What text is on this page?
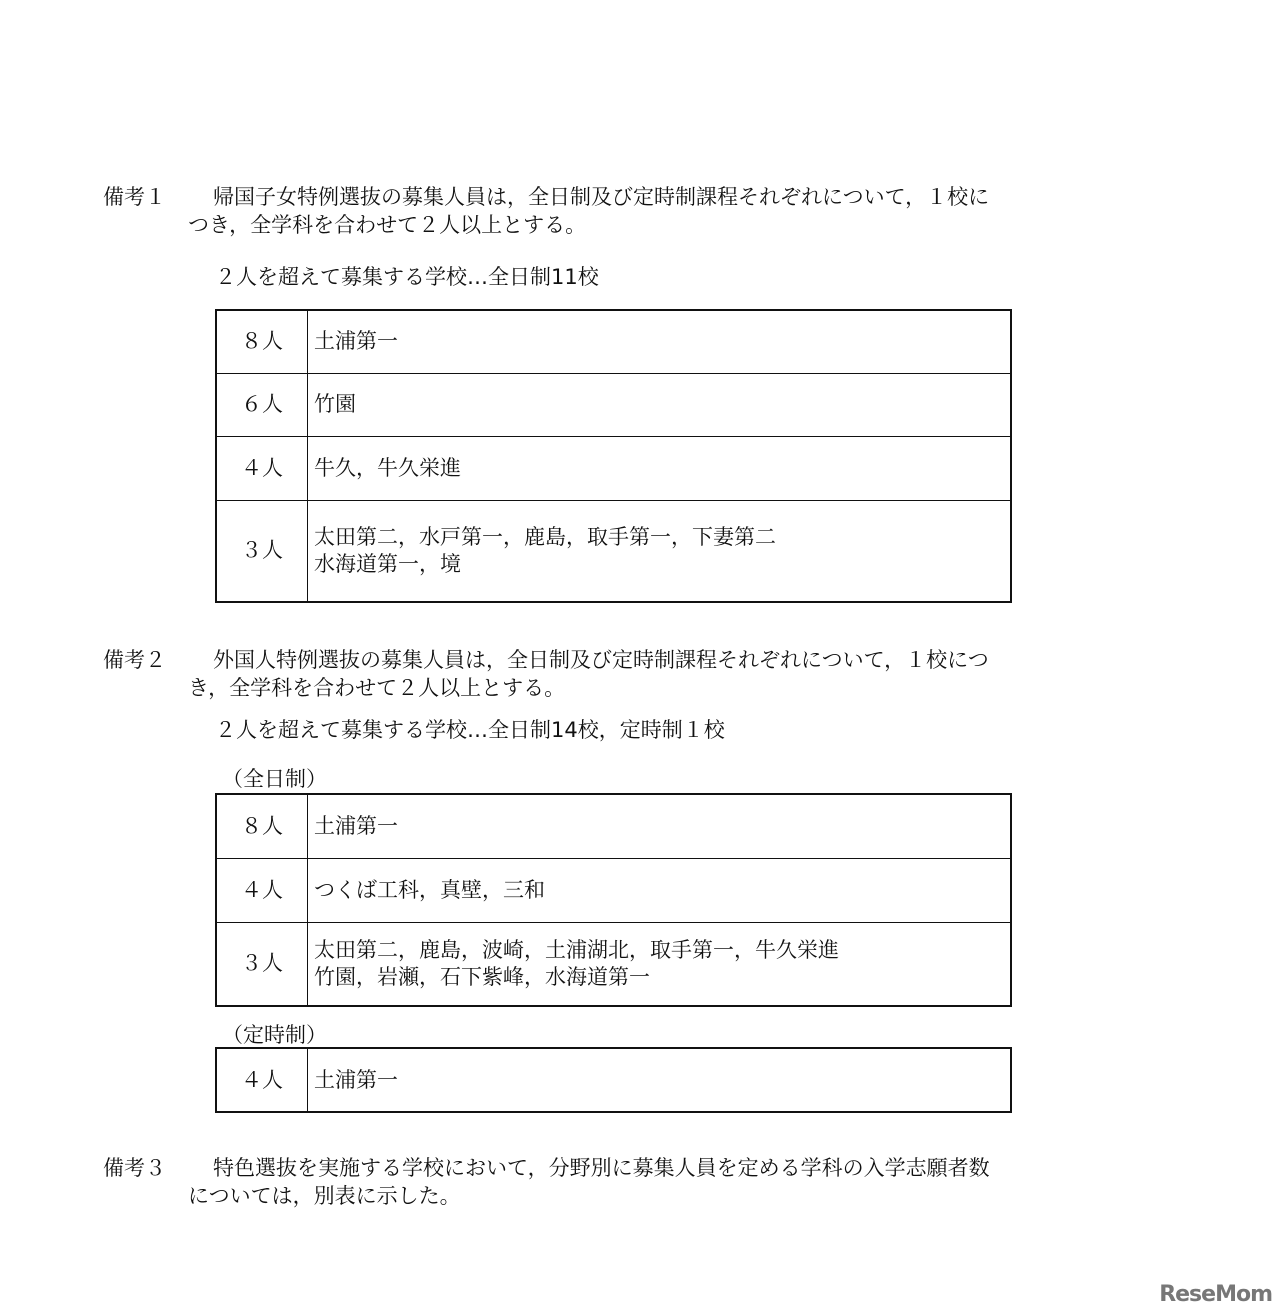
備考１ 帰国子女特例選抜の募集人員は，全日制及び定時制課程それぞれについて，１校に
つき，全学科を合わせて２人以上とする。
２人を超えて募集する学校…全日制11校
８人	土浦第一
６人	竹園
４人	牛久，牛久栄進
３人	太田第二，水戸第一，鹿島，取手第一，下妻第二
水海道第一，境
備考２ 外国人特例選抜の募集人員は，全日制及び定時制課程それぞれについて，１校につ
き，全学科を合わせて２人以上とする。
２人を超えて募集する学校…全日制14校，定時制１校
（全日制）
８人	土浦第一
４人	つくば工科，真壁，三和
３人	太田第二，鹿島，波崎，土浦湖北，取手第一，牛久栄進
竹園，岩瀬，石下紫峰，水海道第一
（定時制）
４人	土浦第一
備考３ 特色選抜を実施する学校において，分野別に募集人員を定める学科の入学志願者数
については，別表に示した。
ReseMom
